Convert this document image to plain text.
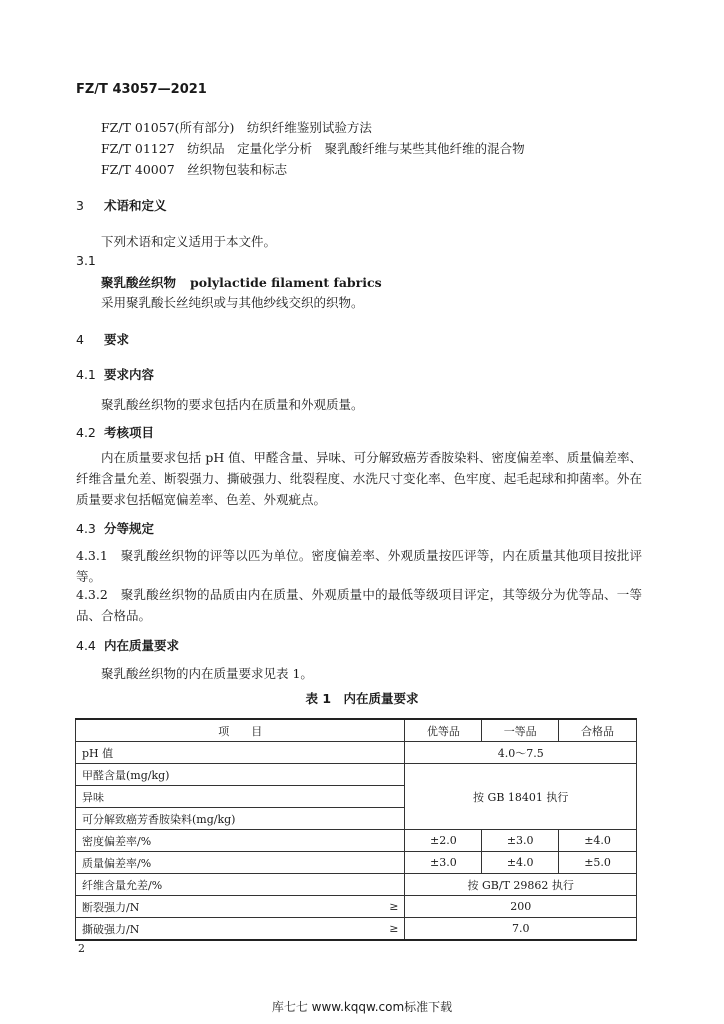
FZ/T 43057—2021
FZ/T 01057(所有部分)　纺织纤维鉴别试验方法
FZ/T 01127　纺织品　定量化学分析　聚乳酸纤维与某些其他纤维的混合物
FZ/T 40007　丝织物包装和标志
3 术语和定义
下列术语和定义适用于本文件。
3.1
聚乳酸丝织物 polylactide filament fabrics
采用聚乳酸长丝纯织或与其他纱线交织的织物。
4 要求
4.1 要求内容
聚乳酸丝织物的要求包括内在质量和外观质量。
4.2 考核项目
内在质量要求包括 pH 值、甲醛含量、异味、可分解致癌芳香胺染料、密度偏差率、质量偏差率、纤维含量允差、断裂强力、撕破强力、纰裂程度、水洗尺寸变化率、色牢度、起毛起球和抑菌率。外在质量要求包括幅宽偏差率、色差、外观疵点。
4.3 分等规定
4.3.1　聚乳酸丝织物的评等以匹为单位。密度偏差率、外观质量按匹评等，内在质量其他项目按批评等。
4.3.2　聚乳酸丝织物的品质由内在质量、外观质量中的最低等级项目评定，其等级分为优等品、一等品、合格品。
4.4 内在质量要求
聚乳酸丝织物的内在质量要求见表 1。
表 1　内在质量要求
项　　目		优等品	一等品	合格品
pH 值		4.0～7.5		
甲醛含量(mg/kg)		按 GB 18401 执行		
异味				
可分解致癌芳香胺染料(mg/kg)				
密度偏差率/%		±2.0	±3.0	±4.0
质量偏差率/%		±3.0	±4.0	±5.0
纤维含量允差/%		按 GB/T 29862 执行		
断裂强力/N	≥	200		
撕破强力/N	≥	7.0		
2
库七七 www.kqqw.com标准下载
